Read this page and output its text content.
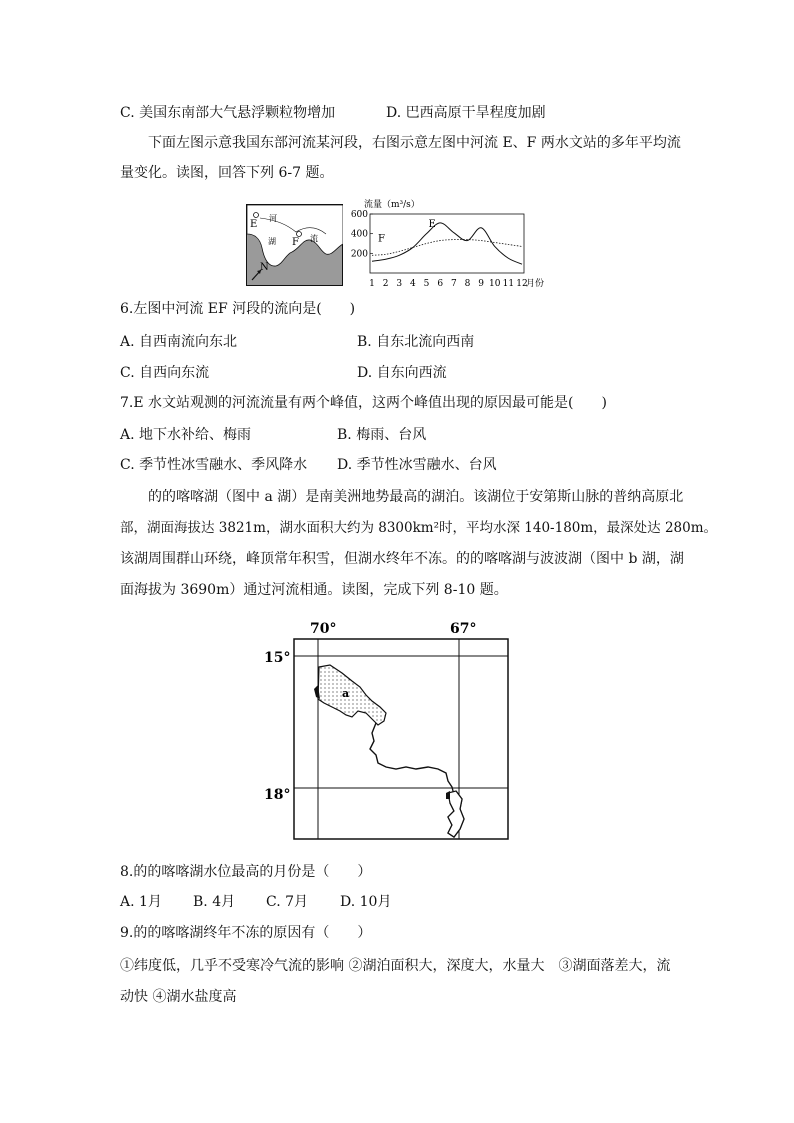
C. 美国东南部大气悬浮颗粒物增加	D. 巴西高原干旱程度加剧
下面左图示意我国东部河流某河段，右图示意左图中河流 E、F 两水文站的多年平均流
量变化。读图，回答下列 6-7 题。
E
F
河
流
湖
N
流量（m³/s）
200
400
600
1 2 3 4 5 6 7 8 9 10 11 12
月份
E
F
6.左图中河流 EF 河段的流向是(　　)
A. 自西南流向东北	B. 自东北流向西南
C. 自西向东流	D. 自东向西流
7.E 水文站观测的河流流量有两个峰值，这两个峰值出现的原因最可能是(　　)
A. 地下水补给、梅雨	B. 梅雨、台风
C. 季节性冰雪融水、季风降水 D. 季节性冰雪融水、台风
的的喀喀湖（图中 a 湖）是南美洲地势最高的湖泊。该湖位于安第斯山脉的普纳高原北
部，湖面海拔达 3821m，湖水面积大约为 8300km²时，平均水深 140-180m，最深处达 280m。
该湖周围群山环绕，峰顶常年积雪，但湖水终年不冻。的的喀喀湖与波波湖（图中 b 湖，湖
面海拔为 3690m）通过河流相通。读图，完成下列 8-10 题。
70°	67°
15°
18°
a
8.的的喀喀湖水位最高的月份是（　　）
A. 1月 B. 4月 C. 7月 D. 10月
9.的的喀喀湖终年不冻的原因有（　　）
①纬度低，几乎不受寒冷气流的影响 ②湖泊面积大，深度大，水量大　③湖面落差大，流
动快 ④湖水盐度高
